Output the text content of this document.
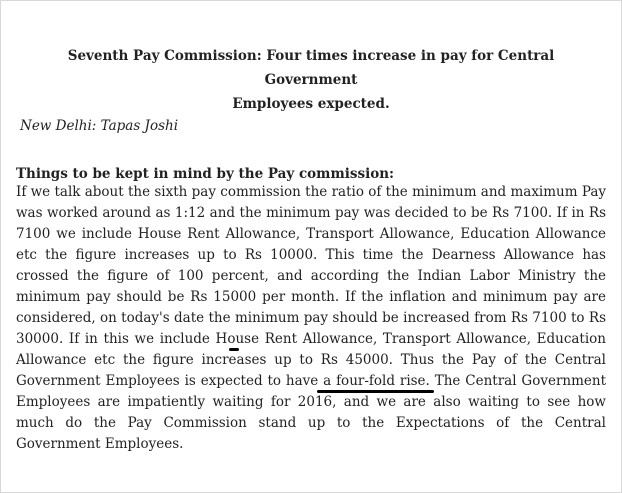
Seventh Pay Commission: Four times increase in pay for Central Government
Employees expected.
New Delhi: Tapas Joshi
Things to be kept in mind by the Pay commission:
If we talk about the sixth pay commission the ratio of the minimum and maximum Pay was worked around as 1:12 and the minimum pay was decided to be Rs 7100. If in Rs 7100 we include House Rent Allowance, Transport Allowance, Education Allowance etc the figure increases up to Rs 10000. This time the Dearness Allowance has crossed the figure of 100 percent, and according the Indian Labor Ministry the minimum pay should be Rs 15000 per month. If the inflation and minimum pay are considered, on today's date the minimum pay should be increased from Rs 7100 to Rs 30000. If in this we include House Rent Allowance, Transport Allowance, Education Allowance etc the figure increases up to Rs 45000. Thus the Pay of the Central Government Employees is expected to have a four-fold rise. The Central Government Employees are impatiently waiting for 2016, and we are also waiting to see how much do the Pay Commission stand up to the Expectations of the Central Government Employees.
